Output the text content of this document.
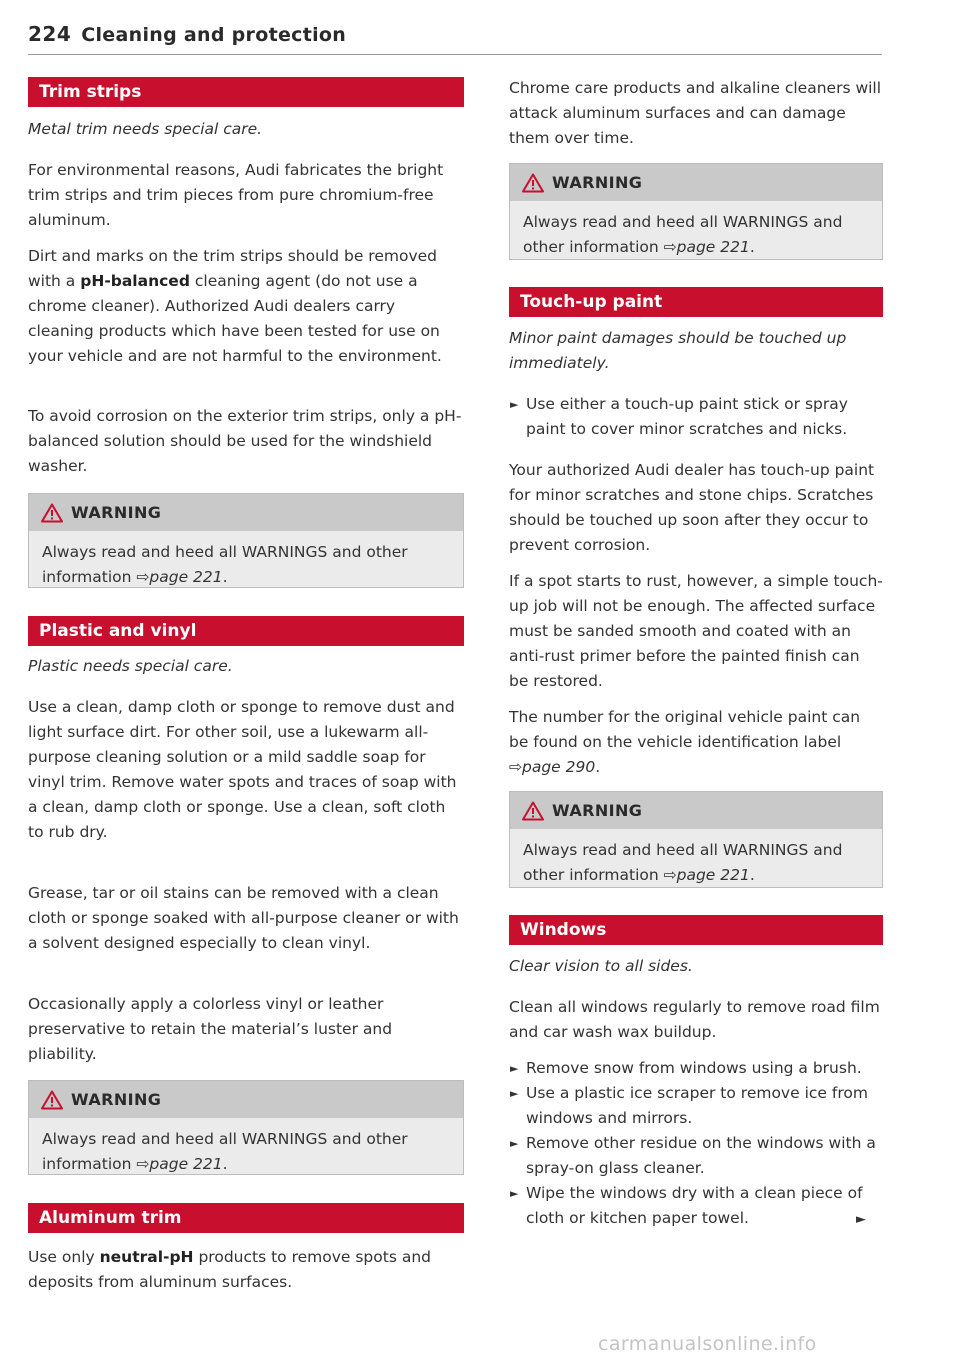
224 Cleaning and protection
Trim strips
Metal trim needs special care.

For environmental reasons, Audi fabricates the bright trim strips and trim pieces from pure chromium-free aluminum.

Dirt and marks on the trim strips should be removed with a pH-balanced cleaning agent (do not use a chrome cleaner). Authorized Audi dealers carry cleaning products which have been tested for use on your vehicle and are not harmful to the environment.

To avoid corrosion on the exterior trim strips, only a pH-balanced solution should be used for the windshield washer.

WARNING
Always read and heed all WARNINGS and other information ⇨page 221.
Plastic and vinyl
Plastic needs special care.

Use a clean, damp cloth or sponge to remove dust and light surface dirt. For other soil, use a lukewarm all-purpose cleaning solution or a mild saddle soap for vinyl trim. Remove water spots and traces of soap with a clean, damp cloth or sponge. Use a clean, soft cloth to rub dry.

Grease, tar or oil stains can be removed with a clean cloth or sponge soaked with all-purpose cleaner or with a solvent designed especially to clean vinyl.

Occasionally apply a colorless vinyl or leather preservative to retain the material’s luster and pliability.

WARNING
Always read and heed all WARNINGS and other information ⇨page 221.
Aluminum trim

Use only neutral-pH products to remove spots and deposits from aluminum surfaces.

Chrome care products and alkaline cleaners will attack aluminum surfaces and can damage them over time.

WARNING
Always read and heed all WARNINGS and other information ⇨page 221.
Touch-up paint
Minor paint damages should be touched up immediately.
► Use either a touch-up paint stick or spray paint to cover minor scratches and nicks.

Your authorized Audi dealer has touch-up paint for minor scratches and stone chips. Scratches should be touched up soon after they occur to prevent corrosion.

If a spot starts to rust, however, a simple touch-up job will not be enough. The affected surface must be sanded smooth and coated with an anti-rust primer before the painted finish can be restored.

The number for the original vehicle paint can be found on the vehicle identification label ⇨page 290.

WARNING
Always read and heed all WARNINGS and other information ⇨page 221.
Windows
Clear vision to all sides.

Clean all windows regularly to remove road film and car wash wax buildup.

► Remove snow from windows using a brush.
► Use a plastic ice scraper to remove ice from windows and mirrors.
► Remove other residue on the windows with a spray-on glass cleaner.
► Wipe the windows dry with a clean piece of cloth or kitchen paper towel.	►
carmanualsonline.info
